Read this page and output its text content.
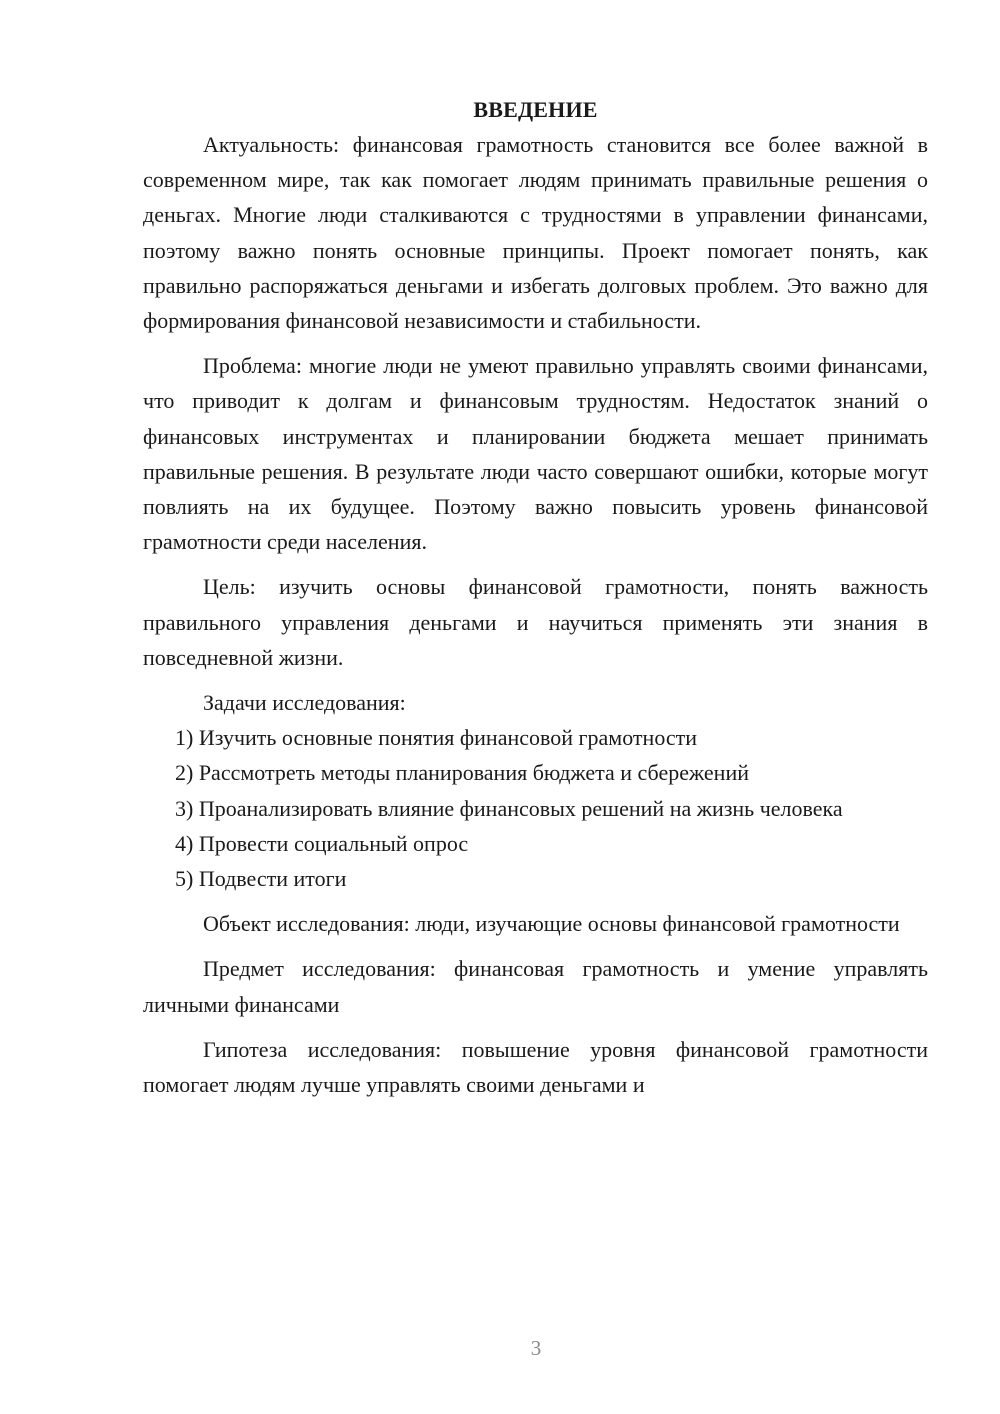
ВВЕДЕНИЕ

Актуальность: финансовая грамотность становится все более важной в современном мире, так как помогает людям принимать правильные решения о деньгах. Многие люди сталкиваются с трудностями в управлении финансами, поэтому важно понять основные принципы. Проект помогает понять, как правильно распоряжаться деньгами и избегать долговых проблем. Это важно для формирования финансовой независимости и стабильности.

Проблема: многие люди не умеют правильно управлять своими финансами, что приводит к долгам и финансовым трудностям. Недостаток знаний о финансовых инструментах и планировании бюджета мешает принимать правильные решения. В результате люди часто совершают ошибки, которые могут повлиять на их будущее. Поэтому важно повысить уровень финансовой грамотности среди населения.

Цель: изучить основы финансовой грамотности, понять важность правильного управления деньгами и научиться применять эти знания в повседневной жизни.

Задачи исследования:

1) Изучить основные понятия финансовой грамотности

2) Рассмотреть методы планирования бюджета и сбережений

3) Проанализировать влияние финансовых решений на жизнь человека

4) Провести социальный опрос

5) Подвести итоги

Объект исследования: люди, изучающие основы финансовой грамотности

Предмет исследования: финансовая грамотность и умение управлять личными финансами

Гипотеза исследования: повышение уровня финансовой грамотности помогает людям лучше управлять своими деньгами и

3
